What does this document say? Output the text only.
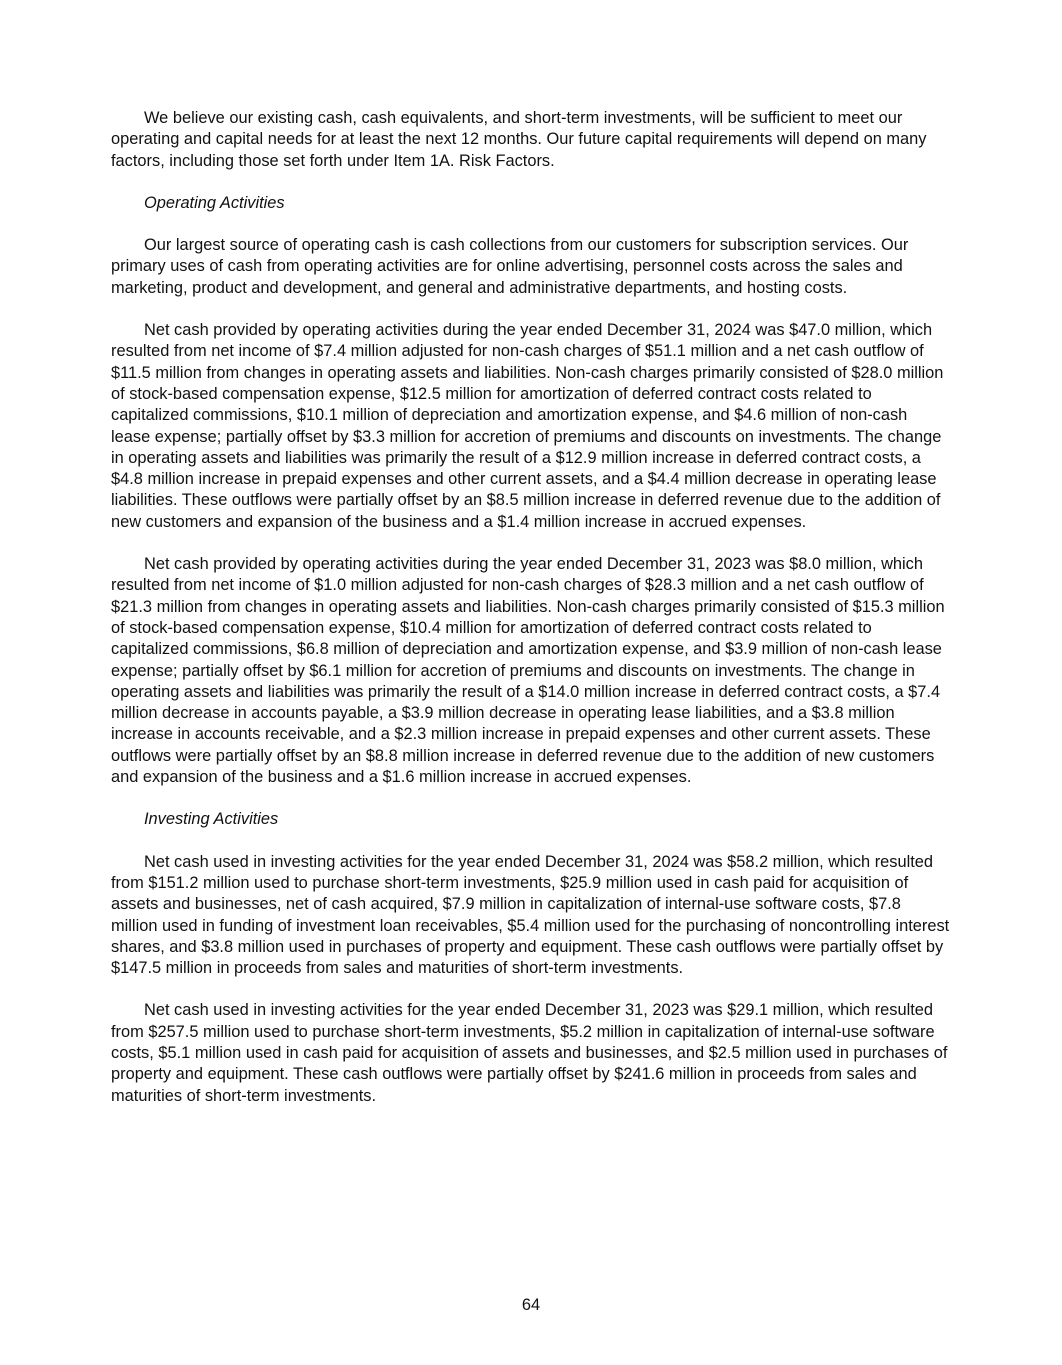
We believe our existing cash, cash equivalents, and short-term investments, will be sufficient to meet our operating and capital needs for at least the next 12 months. Our future capital requirements will depend on many factors, including those set forth under Item 1A. Risk Factors.

Operating Activities

Our largest source of operating cash is cash collections from our customers for subscription services. Our primary uses of cash from operating activities are for online advertising, personnel costs across the sales and marketing, product and development, and general and administrative departments, and hosting costs.

Net cash provided by operating activities during the year ended December 31, 2024 was $47.0 million, which resulted from net income of $7.4 million adjusted for non-cash charges of $51.1 million and a net cash outflow of $11.5 million from changes in operating assets and liabilities. Non-cash charges primarily consisted of $28.0 million of stock-based compensation expense, $12.5 million for amortization of deferred contract costs related to capitalized commissions, $10.1 million of depreciation and amortization expense, and $4.6 million of non-cash lease expense; partially offset by $3.3 million for accretion of premiums and discounts on investments. The change in operating assets and liabilities was primarily the result of a $12.9 million increase in deferred contract costs, a $4.8 million increase in prepaid expenses and other current assets, and a $4.4 million decrease in operating lease liabilities. These outflows were partially offset by an $8.5 million increase in deferred revenue due to the addition of new customers and expansion of the business and a $1.4 million increase in accrued expenses.

Net cash provided by operating activities during the year ended December 31, 2023 was $8.0 million, which resulted from net income of $1.0 million adjusted for non-cash charges of $28.3 million and a net cash outflow of $21.3 million from changes in operating assets and liabilities. Non-cash charges primarily consisted of $15.3 million of stock-based compensation expense, $10.4 million for amortization of deferred contract costs related to capitalized commissions, $6.8 million of depreciation and amortization expense, and $3.9 million of non-cash lease expense; partially offset by $6.1 million for accretion of premiums and discounts on investments. The change in operating assets and liabilities was primarily the result of a $14.0 million increase in deferred contract costs, a $7.4 million decrease in accounts payable, a $3.9 million decrease in operating lease liabilities, and a $3.8 million increase in accounts receivable, and a $2.3 million increase in prepaid expenses and other current assets. These outflows were partially offset by an $8.8 million increase in deferred revenue due to the addition of new customers and expansion of the business and a $1.6 million increase in accrued expenses.

Investing Activities

Net cash used in investing activities for the year ended December 31, 2024 was $58.2 million, which resulted from $151.2 million used to purchase short-term investments, $25.9 million used in cash paid for acquisition of assets and businesses, net of cash acquired, $7.9 million in capitalization of internal-use software costs, $7.8 million used in funding of investment loan receivables, $5.4 million used for the purchasing of noncontrolling interest shares, and $3.8 million used in purchases of property and equipment. These cash outflows were partially offset by $147.5 million in proceeds from sales and maturities of short-term investments.

Net cash used in investing activities for the year ended December 31, 2023 was $29.1 million, which resulted from $257.5 million used to purchase short-term investments, $5.2 million in capitalization of internal-use software costs, $5.1 million used in cash paid for acquisition of assets and businesses, and $2.5 million used in purchases of property and equipment. These cash outflows were partially offset by $241.6 million in proceeds from sales and maturities of short-term investments.

64
